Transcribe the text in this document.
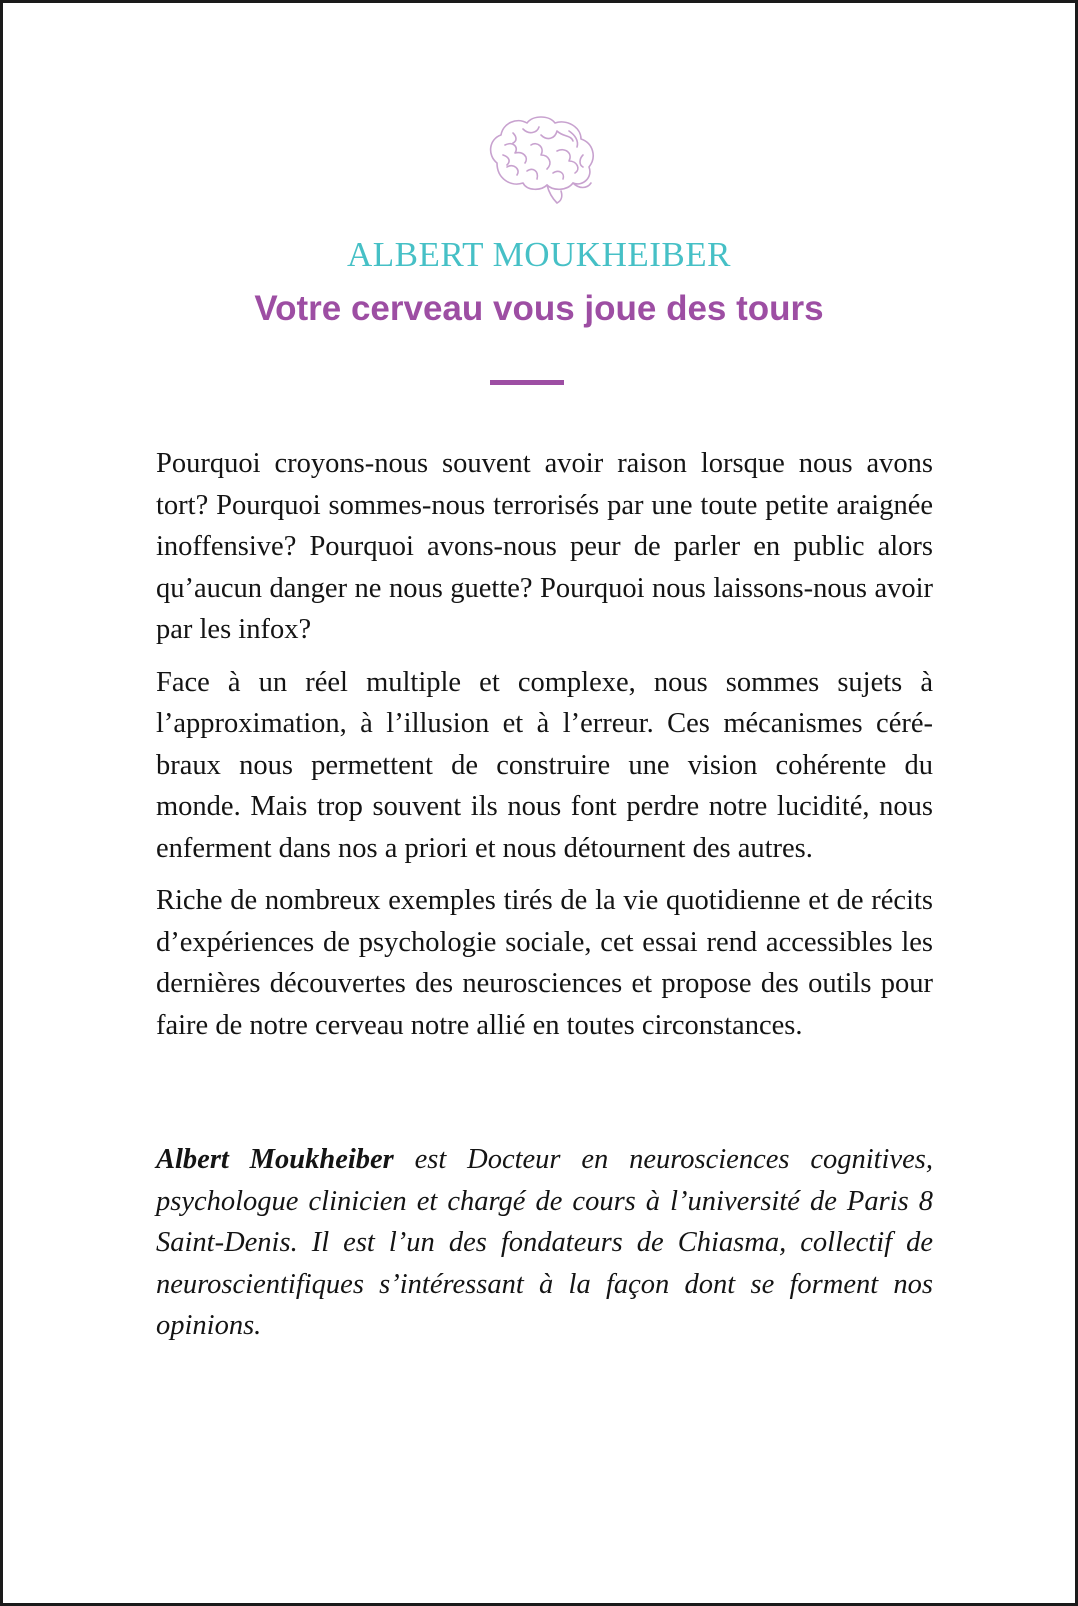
ALBERT MOUKHEIBER
Votre cerveau vous joue des tours

Pourquoi croyons-nous souvent avoir raison lorsque nous avons tort? Pourquoi sommes-nous terrorisés par une toute petite araignée inoffensive? Pourquoi avons-nous peur de parler en public alors qu’aucun danger ne nous guette? Pourquoi nous laissons-nous avoir par les infox?

Face à un réel multiple et complexe, nous sommes sujets à l’approximation, à l’illusion et à l’erreur. Ces mécanismes cérébraux nous permettent de construire une vision cohérente du monde. Mais trop souvent ils nous font perdre notre lucidité, nous enferment dans nos a priori et nous détournent des autres.

Riche de nombreux exemples tirés de la vie quotidienne et de récits d’expériences de psychologie sociale, cet essai rend accessibles les dernières découvertes des neurosciences et propose des outils pour faire de notre cerveau notre allié en toutes circonstances.

Albert Moukheiber est Docteur en neurosciences cognitives, psychologue clinicien et chargé de cours à l’université de Paris 8 Saint-Denis. Il est l’un des fondateurs de Chiasma, collectif de neuroscientifiques s’intéressant à la façon dont se forment nos opinions.
